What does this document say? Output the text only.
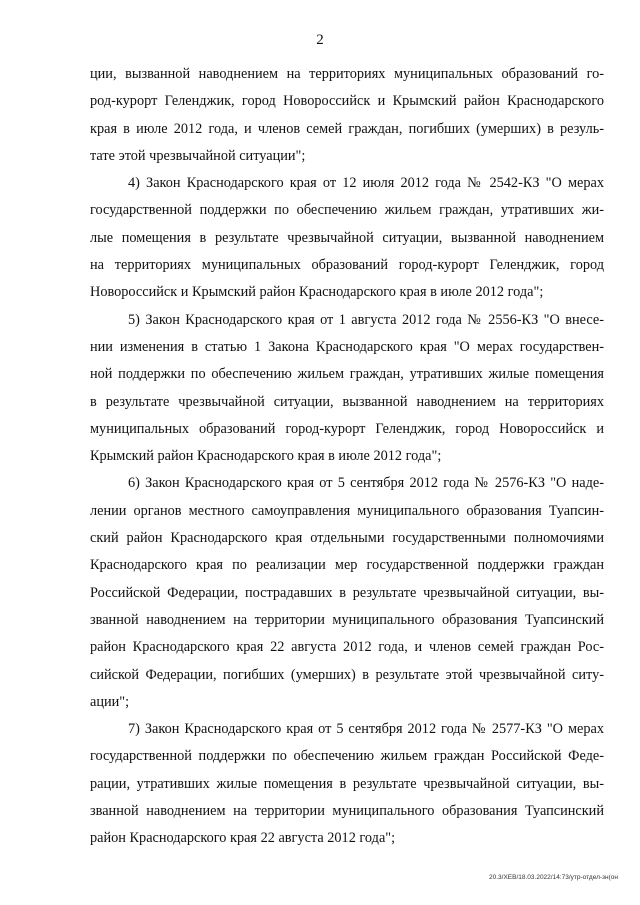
2
ции, вызванной наводнением на территориях муниципальных образований го-
род-курорт Геленджик, город Новороссийск и Крымский район Краснодарского
края в июле 2012 года, и членов семей граждан, погибших (умерших) в резуль-
тате этой чрезвычайной ситуации";
4) Закон Краснодарского края от 12 июля 2012 года № 2542-КЗ "О мерах
государственной поддержки по обеспечению жильем граждан, утративших жи-
лые помещения в результате чрезвычайной ситуации, вызванной наводнением
на территориях муниципальных образований город-курорт Геленджик, город
Новороссийск и Крымский район Краснодарского края в июле 2012 года";
5) Закон Краснодарского края от 1 августа 2012 года № 2556-КЗ "О внесе-
нии изменения в статью 1 Закона Краснодарского края "О мерах государствен-
ной поддержки по обеспечению жильем граждан, утративших жилые помещения
в результате чрезвычайной ситуации, вызванной наводнением на территориях
муниципальных образований город-курорт Геленджик, город Новороссийск и
Крымский район Краснодарского края в июле 2012 года";
6) Закон Краснодарского края от 5 сентября 2012 года № 2576-КЗ "О наде-
лении органов местного самоуправления муниципального образования Туапсин-
ский район Краснодарского края отдельными государственными полномочиями
Краснодарского края по реализации мер государственной поддержки граждан
Российской Федерации, пострадавших в результате чрезвычайной ситуации, вы-
званной наводнением на территории муниципального образования Туапсинский
район Краснодарского края 22 августа 2012 года, и членов семей граждан Рос-
сийской Федерации, погибших (умерших) в результате этой чрезвычайной ситу-
ации";
7) Закон Краснодарского края от 5 сентября 2012 года № 2577-КЗ "О мерах
государственной поддержки по обеспечению жильем граждан Российской Феде-
рации, утративших жилые помещения в результате чрезвычайной ситуации, вы-
званной наводнением на территории муниципального образования Туапсинский
район Краснодарского края 22 августа 2012 года";
20.3/ХЕВ/18.03.2022/14:73/утр-отдел-зн(он
